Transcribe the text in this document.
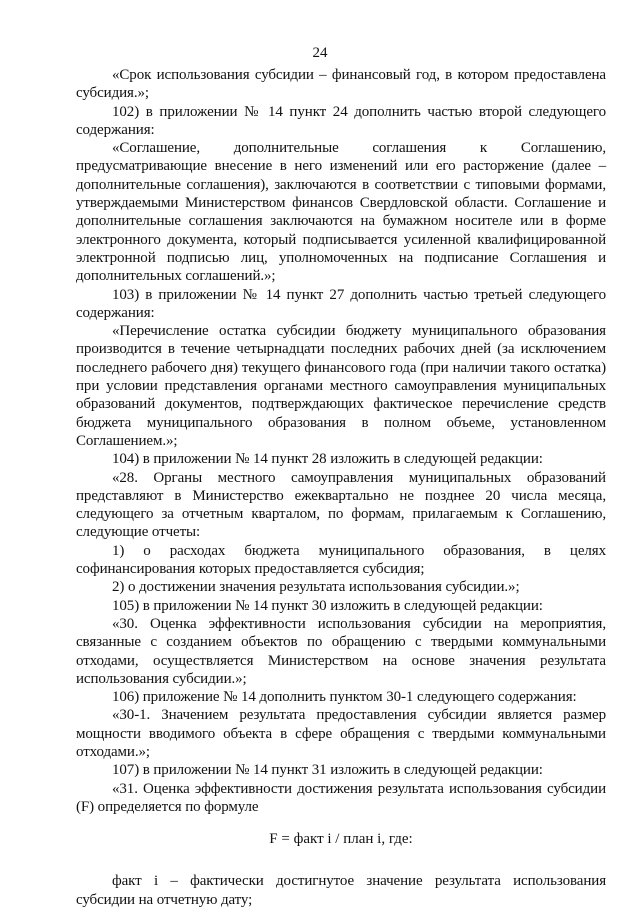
24

«Срок использования субсидии – финансовый год, в котором предоставлена субсидия.»;

102) в приложении № 14 пункт 24 дополнить частью второй следующего содержания:

«Соглашение, дополнительные соглашения к Соглашению, предусматривающие внесение в него изменений или его расторжение (далее – дополнительные соглашения), заключаются в соответствии с типовыми формами, утверждаемыми Министерством финансов Свердловской области. Соглашение и дополнительные соглашения заключаются на бумажном носителе или в форме электронного документа, который подписывается усиленной квалифицированной электронной подписью лиц, уполномоченных на подписание Соглашения и дополнительных соглашений.»;

103) в приложении № 14 пункт 27 дополнить частью третьей следующего содержания:

«Перечисление остатка субсидии бюджету муниципального образования производится в течение четырнадцати последних рабочих дней (за исключением последнего рабочего дня) текущего финансового года (при наличии такого остатка) при условии представления органами местного самоуправления муниципальных образований документов, подтверждающих фактическое перечисление средств бюджета муниципального образования в полном объеме, установленном Соглашением.»;

104) в приложении № 14 пункт 28 изложить в следующей редакции:

«28. Органы местного самоуправления муниципальных образований представляют в Министерство ежеквартально не позднее 20 числа месяца, следующего за отчетным кварталом, по формам, прилагаемым к Соглашению, следующие отчеты:

1) о расходах бюджета муниципального образования, в целях софинансирования которых предоставляется субсидия;

2) о достижении значения результата использования субсидии.»;

105) в приложении № 14 пункт 30 изложить в следующей редакции:

«30. Оценка эффективности использования субсидии на мероприятия, связанные с созданием объектов по обращению с твердыми коммунальными отходами, осуществляется Министерством на основе значения результата использования субсидии.»;

106) приложение № 14 дополнить пунктом 30-1 следующего содержания:

«30-1. Значением результата предоставления субсидии является размер мощности вводимого объекта в сфере обращения с твердыми коммунальными отходами.»;

107) в приложении № 14 пункт 31 изложить в следующей редакции:

«31. Оценка эффективности достижения результата использования субсидии (F) определяется по формуле

F = факт i / план i, где:

факт i – фактически достигнутое значение результата использования субсидии на отчетную дату;
